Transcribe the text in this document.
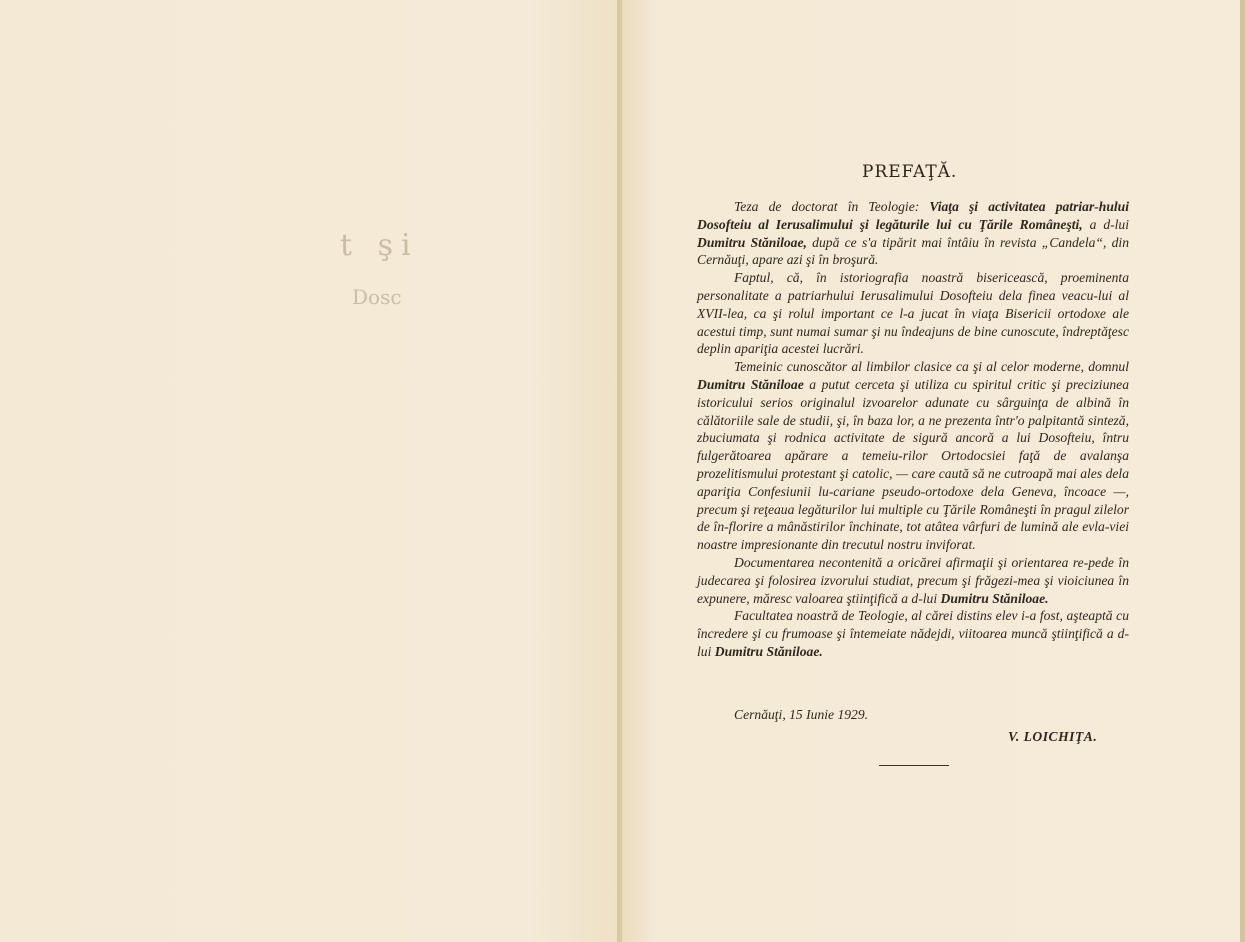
t şi
Dosc
PREFAŢĂ.

Teza de doctorat în Teologie: Viaţa şi activitatea patriar-hului Dosofteiu al Ierusalimului şi legăturile lui cu Ţările Româneşti, a d-lui Dumitru Stăniloae, după ce s'a tipărit mai întâiu în revista „Candela“, din Cernăuţi, apare azi şi în broşură.

Faptul, că, în istoriografia noastră bisericească, proeminenta personalitate a patriarhului Ierusalimului Dosofteiu dela finea veacu-lui al XVII-lea, ca şi rolul important ce l-a jucat în viaţa Bisericii ortodoxe ale acestui timp, sunt numai sumar şi nu îndeajuns de bine cunoscute, îndreptăţesc deplin apariţia acestei lucrări.

Temeinic cunoscător al limbilor clasice ca şi al celor moderne, domnul Dumitru Stăniloae a putut cerceta şi utiliza cu spiritul critic şi preciziunea istoricului serios originalul izvoarelor adunate cu sârguinţa de albină în călătoriile sale de studii, şi, în baza lor, a ne prezenta într'o palpitantă sinteză, zbuciumata şi rodnica activitate de sigură ancoră a lui Dosofteiu, întru fulgerătoarea apărare a temeiu-rilor Ortodocsiei faţă de avalanşa prozelitismului protestant şi catolic, — care caută să ne cutroapă mai ales dela apariţia Confesiunii lu-cariane pseudo-ortodoxe dela Geneva, încoace —, precum şi reţeaua legăturilor lui multiple cu Ţările Româneşti în pragul zilelor de în-florire a mânăstirilor închinate, tot atâtea vârfuri de lumină ale evla-viei noastre impresionante din trecutul nostru inviforat.

Documentarea necontenită a oricărei afirmaţii şi orientarea re-pede în judecarea şi folosirea izvorului studiat, precum şi frăgezi-mea şi vioiciunea în expunere, măresc valoarea ştiinţifică a d-lui Dumitru Stăniloae.

Facultatea noastră de Teologie, al cărei distins elev i-a fost, aşteaptă cu încredere şi cu frumoase şi întemeiate nădejdi, viitoarea muncă ştiinţifică a d-lui Dumitru Stăniloae.

Cernăuţi, 15 Iunie 1929.
V. LOICHIŢA.
